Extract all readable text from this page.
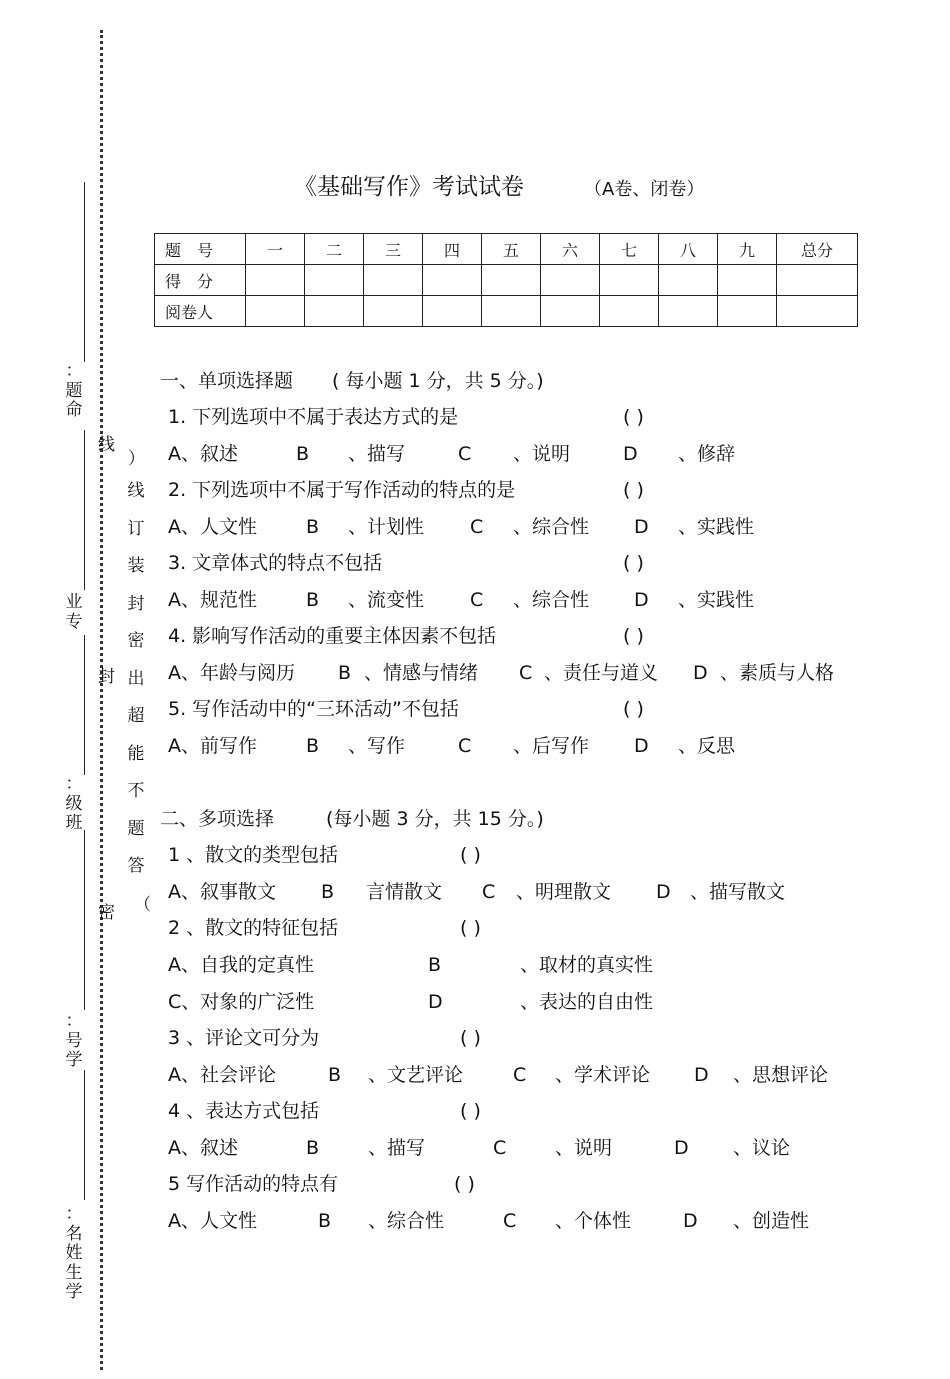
：题命
业专
：级班
：号学
：名姓生学
线
）
封
密 （
线
订
装
封
密
出
超
能
不
题
答
《基础写作》考试试卷	（A卷、闭卷）
题　号	一	二	三	四	五	六	七	八	九	总分
得　分										
阅卷人										
一、单项选择题 ( 每小题 1 分，共 5 分。)
1. 下列选项中不属于表达方式的是	( )
A、叙述	B 、描写	C 、说明	D 、修辞
2. 下列选项中不属于写作活动的特点的是	( )
A、人文性	B 、计划性 C 、综合性 D 、实践性
3. 文章体式的特点不包括	( )
A、规范性	B 、流变性 C 、综合性 D 、实践性
4. 影响写作活动的重要主体因素不包括	( )
A、年龄与阅历 B 、情感与情绪 C 、责任与道义 D 、素质与人格
5. 写作活动中的“三环活动”不包括	( )
A、前写作	B 、写作	C 、后写作 D 、反思
二、多项选择	(每小题 3 分，共 15 分。)
1 、散文的类型包括	( )
A、叙事散文 B 言情散文 C 、明理散文 D 、描写散文
2 、散文的特征包括	( )
A、自我的定真性	B	、取材的真实性
C、对象的广泛性	D	、表达的自由性
3 、评论文可分为	( )
A、社会评论	B 、文艺评论	C 、学术评论 D 、思想评论
4 、表达方式包括	( )
A、叙述	B	、描写	C	、说明	D 、议论
5 写作活动的特点有	( )
A、人文性	B 、综合性	C 、个体性	D 、创造性
